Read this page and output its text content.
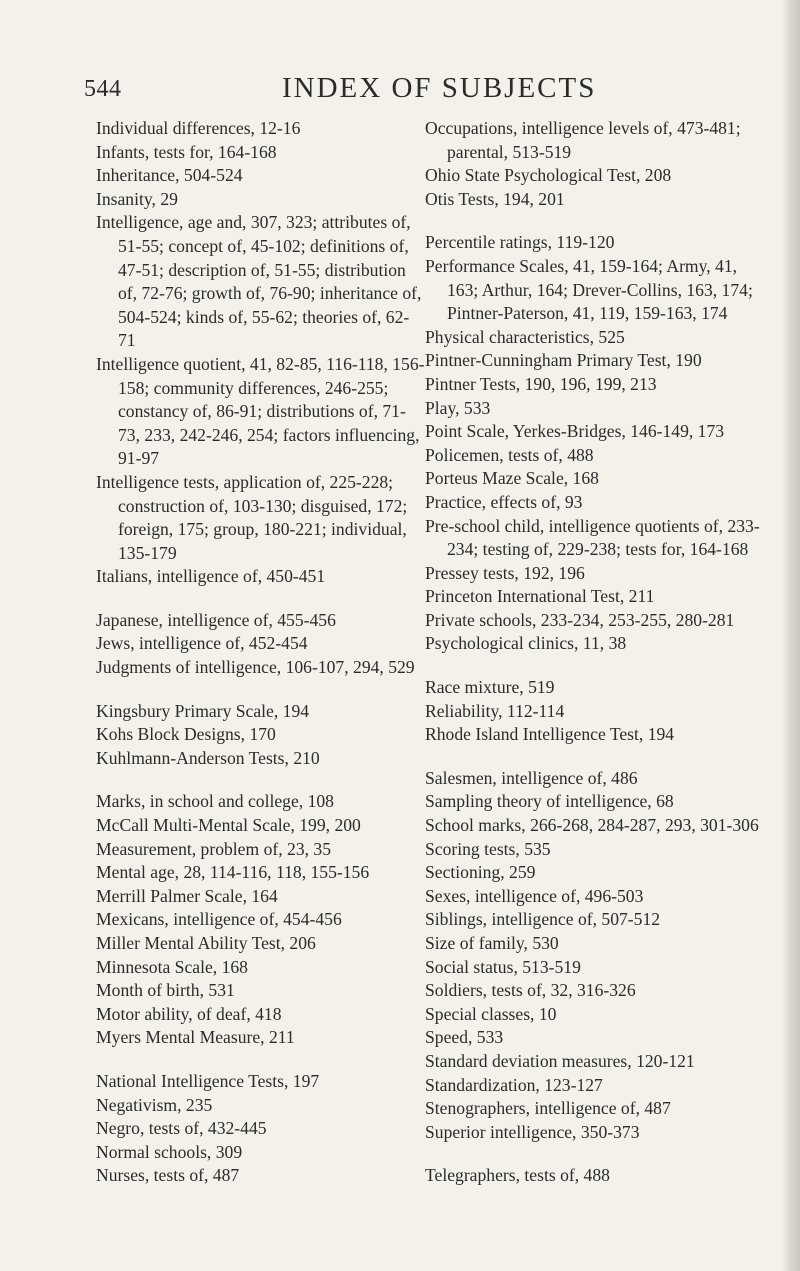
544	INDEX OF SUBJECTS

Individual differences, 12-16

Infants, tests for, 164-168

Inheritance, 504-524

Insanity, 29

Intelligence, age and, 307, 323; attributes of, 51-55; concept of, 45-102; definitions of, 47-51; description of, 51-55; distribution of, 72-76; growth of, 76-90; inheritance of, 504-524; kinds of, 55-62; theories of, 62-71

Intelligence quotient, 41, 82-85, 116-118, 156-158; community differences, 246-255; constancy of, 86-91; distributions of, 71-73, 233, 242-246, 254; factors influencing, 91-97

Intelligence tests, application of, 225-228; construction of, 103-130; disguised, 172; foreign, 175; group, 180-221; individual, 135-179

Italians, intelligence of, 450-451

Japanese, intelligence of, 455-456

Jews, intelligence of, 452-454

Judgments of intelligence, 106-107, 294, 529

Kingsbury Primary Scale, 194

Kohs Block Designs, 170

Kuhlmann-Anderson Tests, 210

Marks, in school and college, 108

McCall Multi-Mental Scale, 199, 200

Measurement, problem of, 23, 35

Mental age, 28, 114-116, 118, 155-156

Merrill Palmer Scale, 164

Mexicans, intelligence of, 454-456

Miller Mental Ability Test, 206

Minnesota Scale, 168

Month of birth, 531

Motor ability, of deaf, 418

Myers Mental Measure, 211

National Intelligence Tests, 197

Negativism, 235

Negro, tests of, 432-445

Normal schools, 309

Nurses, tests of, 487

Occupations, intelligence levels of, 473-481; parental, 513-519

Ohio State Psychological Test, 208

Otis Tests, 194, 201

Percentile ratings, 119-120

Performance Scales, 41, 159-164; Army, 41, 163; Arthur, 164; Drever-Collins, 163, 174; Pintner-Paterson, 41, 119, 159-163, 174

Physical characteristics, 525

Pintner-Cunningham Primary Test, 190

Pintner Tests, 190, 196, 199, 213

Play, 533

Point Scale, Yerkes-Bridges, 146-149, 173

Policemen, tests of, 488

Porteus Maze Scale, 168

Practice, effects of, 93

Pre-school child, intelligence quotients of, 233-234; testing of, 229-238; tests for, 164-168

Pressey tests, 192, 196

Princeton International Test, 211

Private schools, 233-234, 253-255, 280-281

Psychological clinics, 11, 38

Race mixture, 519

Reliability, 112-114

Rhode Island Intelligence Test, 194

Salesmen, intelligence of, 486

Sampling theory of intelligence, 68

School marks, 266-268, 284-287, 293, 301-306

Scoring tests, 535

Sectioning, 259

Sexes, intelligence of, 496-503

Siblings, intelligence of, 507-512

Size of family, 530

Social status, 513-519

Soldiers, tests of, 32, 316-326

Special classes, 10

Speed, 533

Standard deviation measures, 120-121

Standardization, 123-127

Stenographers, intelligence of, 487

Superior intelligence, 350-373

Telegraphers, tests of, 488
